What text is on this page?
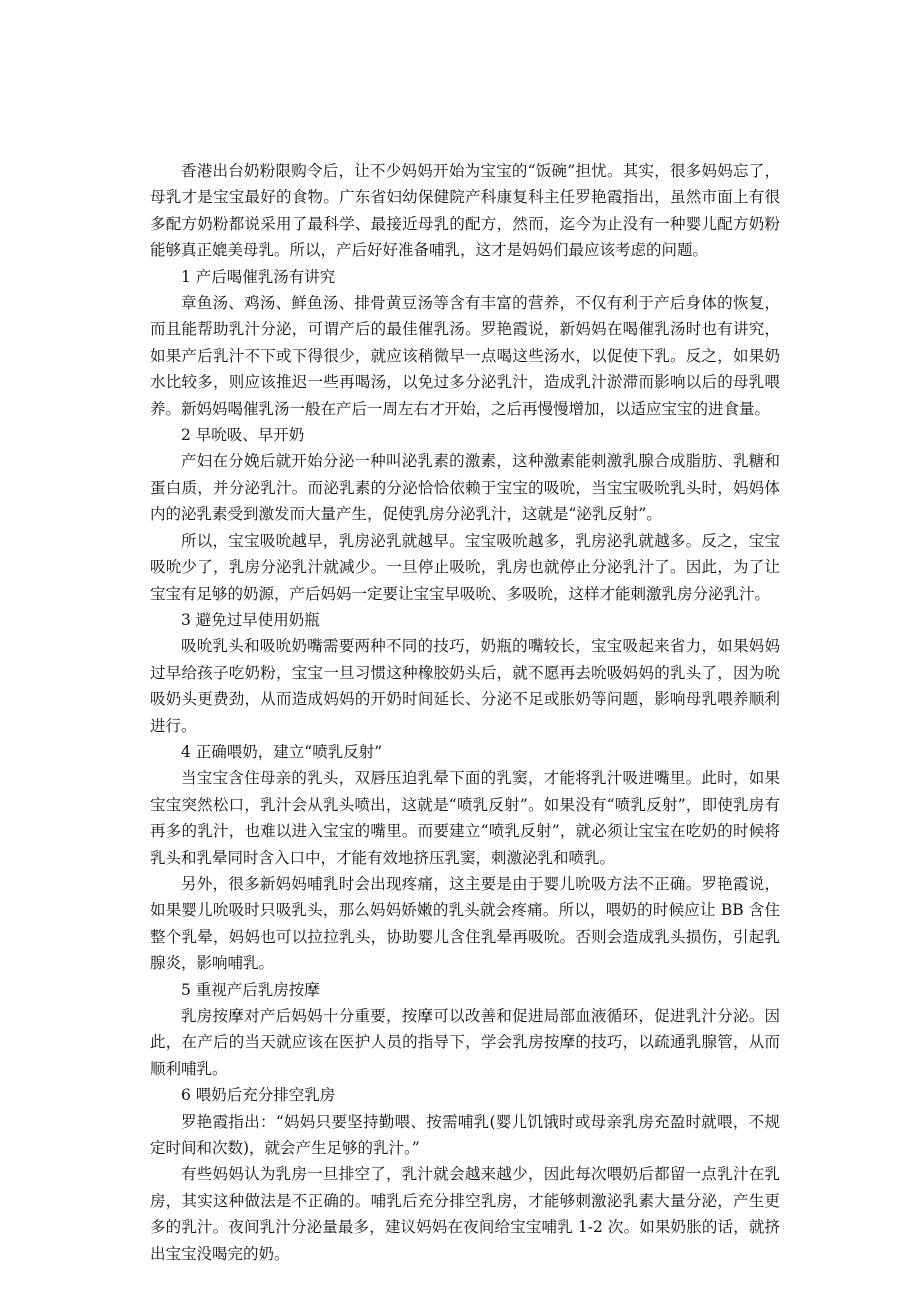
香港出台奶粉限购令后，让不少妈妈开始为宝宝的“饭碗”担忧。其实，很多妈妈忘了，母乳才是宝宝最好的食物。广东省妇幼保健院产科康复科主任罗艳霞指出，虽然市面上有很多配方奶粉都说采用了最科学、最接近母乳的配方，然而，迄今为止没有一种婴儿配方奶粉能够真正媲美母乳。所以，产后好好准备哺乳，这才是妈妈们最应该考虑的问题。

1 产后喝催乳汤有讲究

章鱼汤、鸡汤、鲜鱼汤、排骨黄豆汤等含有丰富的营养，不仅有利于产后身体的恢复，而且能帮助乳汁分泌，可谓产后的最佳催乳汤。罗艳霞说，新妈妈在喝催乳汤时也有讲究，如果产后乳汁不下或下得很少，就应该稍微早一点喝这些汤水，以促使下乳。反之，如果奶水比较多，则应该推迟一些再喝汤，以免过多分泌乳汁，造成乳汁淤滞而影响以后的母乳喂养。新妈妈喝催乳汤一般在产后一周左右才开始，之后再慢慢增加，以适应宝宝的进食量。

2 早吮吸、早开奶

产妇在分娩后就开始分泌一种叫泌乳素的激素，这种激素能刺激乳腺合成脂肪、乳糖和蛋白质，并分泌乳汁。而泌乳素的分泌恰恰依赖于宝宝的吸吮，当宝宝吸吮乳头时，妈妈体内的泌乳素受到激发而大量产生，促使乳房分泌乳汁，这就是“泌乳反射”。

所以，宝宝吸吮越早，乳房泌乳就越早。宝宝吸吮越多，乳房泌乳就越多。反之，宝宝吸吮少了，乳房分泌乳汁就减少。一旦停止吸吮，乳房也就停止分泌乳汁了。因此，为了让宝宝有足够的奶源，产后妈妈一定要让宝宝早吸吮、多吸吮，这样才能刺激乳房分泌乳汁。

3 避免过早使用奶瓶

吸吮乳头和吸吮奶嘴需要两种不同的技巧，奶瓶的嘴较长，宝宝吸起来省力，如果妈妈过早给孩子吃奶粉，宝宝一旦习惯这种橡胶奶头后，就不愿再去吮吸妈妈的乳头了，因为吮吸奶头更费劲，从而造成妈妈的开奶时间延长、分泌不足或胀奶等问题，影响母乳喂养顺利进行。

4 正确喂奶，建立“喷乳反射”

当宝宝含住母亲的乳头，双唇压迫乳晕下面的乳窦，才能将乳汁吸进嘴里。此时，如果宝宝突然松口，乳汁会从乳头喷出，这就是“喷乳反射”。如果没有“喷乳反射”，即使乳房有再多的乳汁，也难以进入宝宝的嘴里。而要建立“喷乳反射”，就必须让宝宝在吃奶的时候将乳头和乳晕同时含入口中，才能有效地挤压乳窦，刺激泌乳和喷乳。

另外，很多新妈妈哺乳时会出现疼痛，这主要是由于婴儿吮吸方法不正确。罗艳霞说，如果婴儿吮吸时只吸乳头，那么妈妈娇嫩的乳头就会疼痛。所以，喂奶的时候应让 BB 含住整个乳晕，妈妈也可以拉拉乳头，协助婴儿含住乳晕再吸吮。否则会造成乳头损伤，引起乳腺炎，影响哺乳。

5 重视产后乳房按摩

乳房按摩对产后妈妈十分重要，按摩可以改善和促进局部血液循环，促进乳汁分泌。因此，在产后的当天就应该在医护人员的指导下，学会乳房按摩的技巧，以疏通乳腺管，从而顺利哺乳。

6 喂奶后充分排空乳房

罗艳霞指出：“妈妈只要坚持勤喂、按需哺乳(婴儿饥饿时或母亲乳房充盈时就喂，不规定时间和次数)，就会产生足够的乳汁。”

有些妈妈认为乳房一旦排空了，乳汁就会越来越少，因此每次喂奶后都留一点乳汁在乳房，其实这种做法是不正确的。哺乳后充分排空乳房，才能够刺激泌乳素大量分泌，产生更多的乳汁。夜间乳汁分泌量最多，建议妈妈在夜间给宝宝哺乳 1-2 次。如果奶胀的话，就挤出宝宝没喝完的奶。
